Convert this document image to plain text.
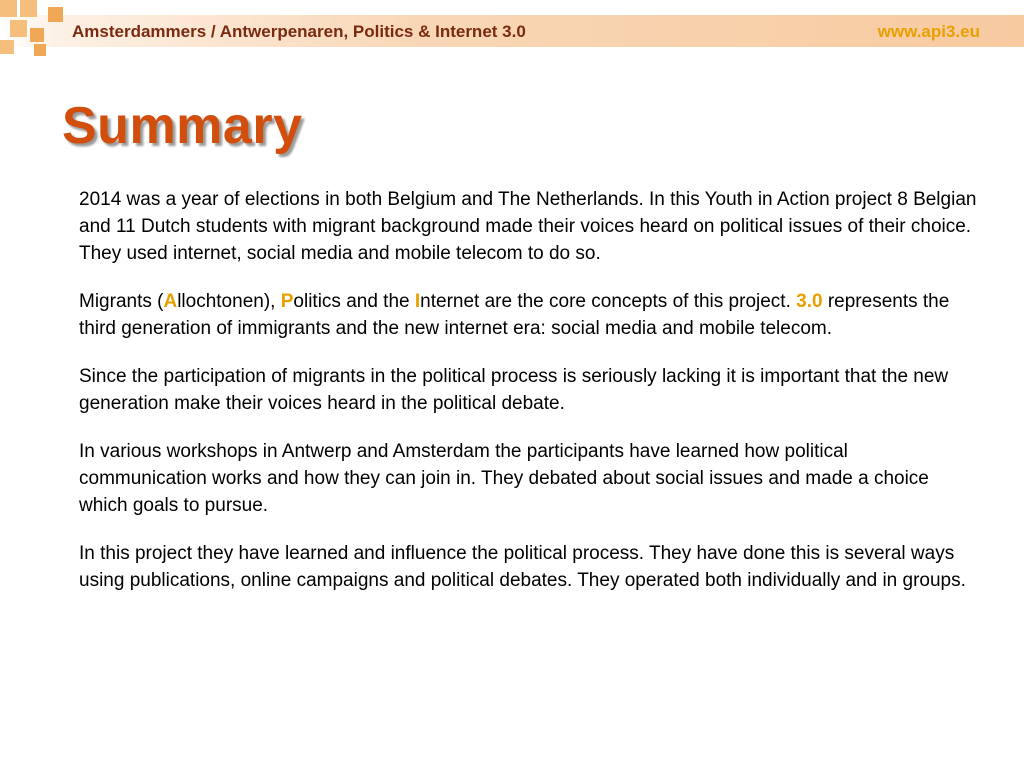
Amsterdammers / Antwerpenaren, Politics & Internet 3.0	www.api3.eu
Summary

2014 was a year of elections in both Belgium and The Netherlands. In this Youth in Action project 8 Belgian and 11 Dutch students with migrant background made their voices heard on political issues of their choice. They used internet, social media and mobile telecom to do so.

Migrants (Allochtonen), Politics and the Internet are the core concepts of this project. 3.0 represents the third generation of immigrants and the new internet era: social media and mobile telecom.

Since the participation of migrants in the political process is seriously lacking it is important that the new generation make their voices heard in the political debate.

In various workshops in Antwerp and Amsterdam the participants have learned how political communication works and how they can join in. They debated about social issues and made a choice which goals to pursue.

In this project they have learned and influence the political process. They have done this is several ways using publications, online campaigns and political debates. They operated both individually and in groups.
